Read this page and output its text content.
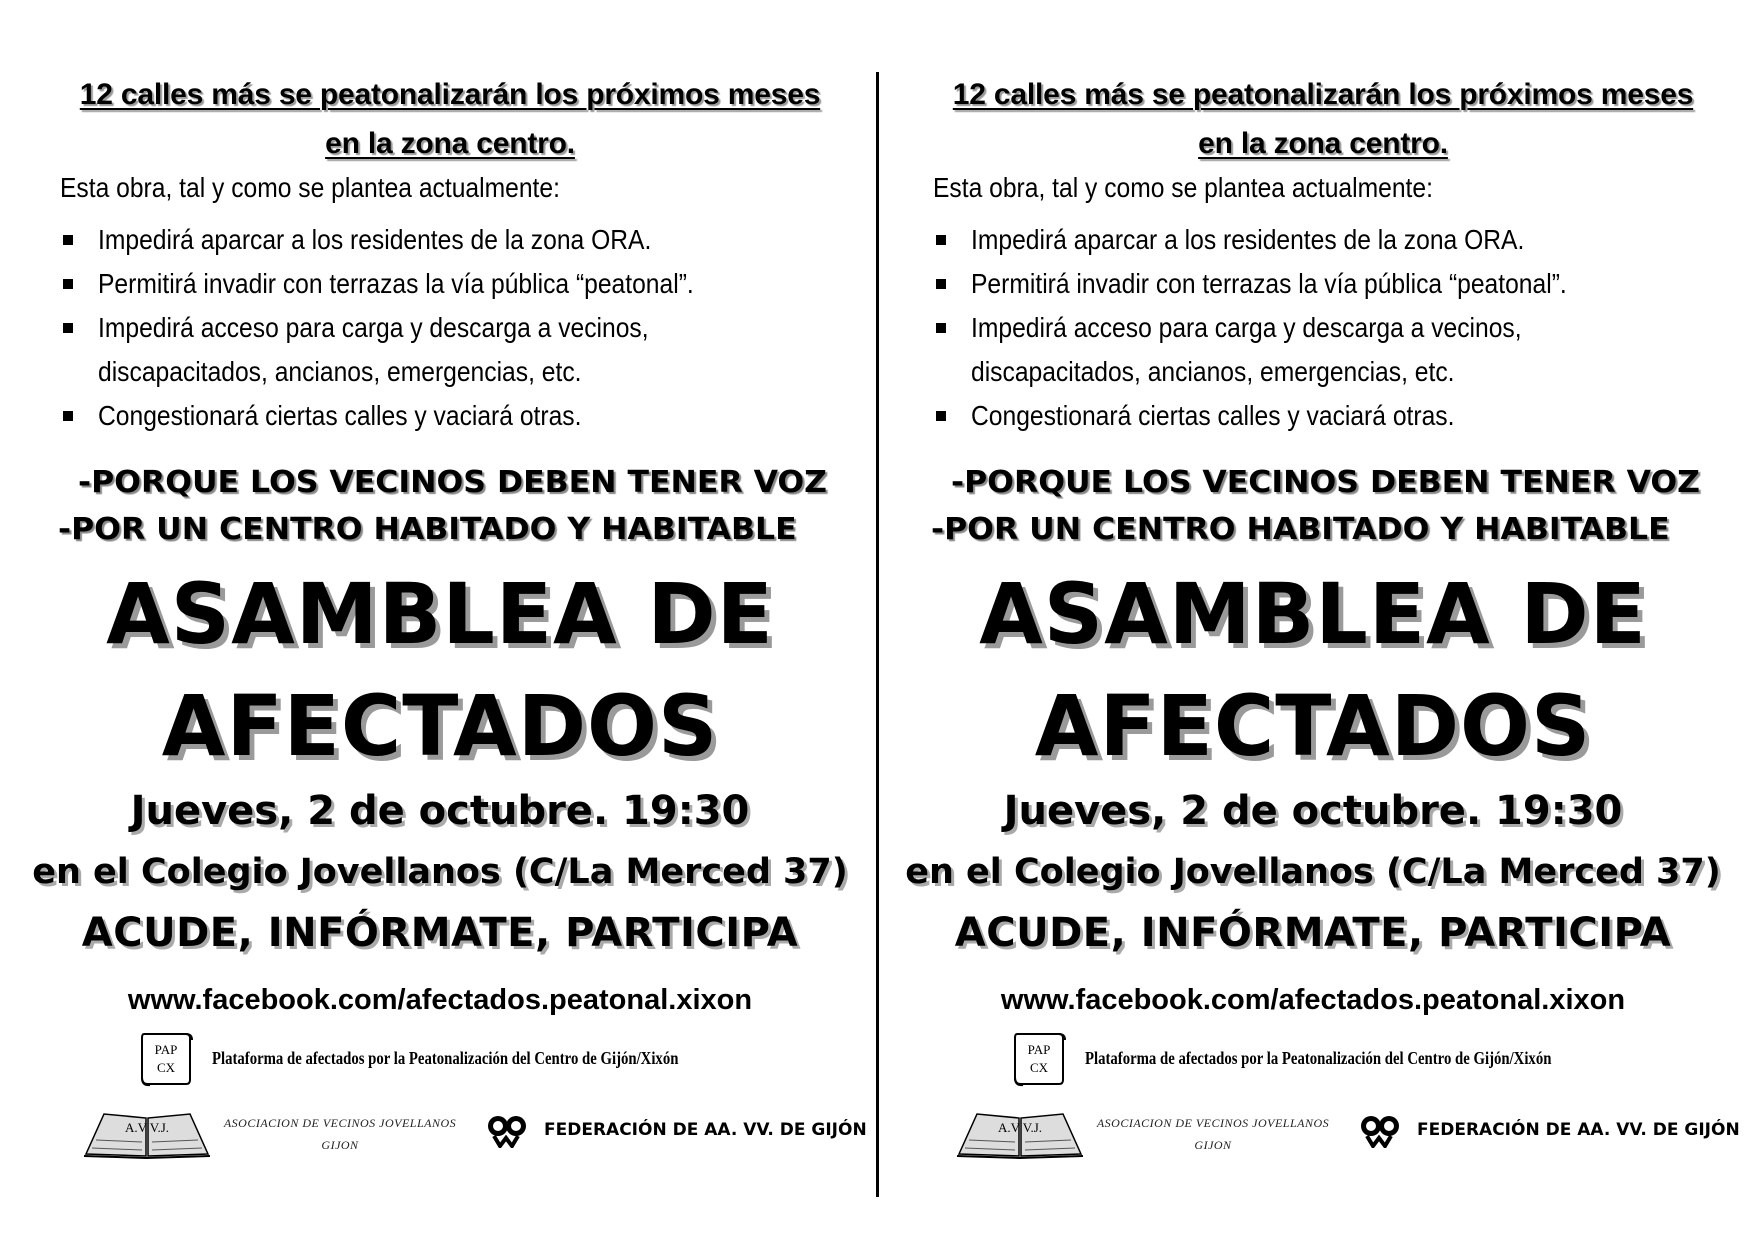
12 calles más se peatonalizarán los próximos meses
en la zona centro.
Esta obra, tal y como se plantea actualmente:
Impedirá aparcar a los residentes de la zona ORA.
Permitirá invadir con terrazas la vía pública “peatonal”.
Impedirá acceso para carga y descarga a vecinos,
discapacitados, ancianos, emergencias, etc.
Congestionará ciertas calles y vaciará otras.
-PORQUE LOS VECINOS DEBEN TENER VOZ
-POR UN CENTRO HABITADO Y HABITABLE
ASAMBLEA DE
AFECTADOS
Jueves, 2 de octubre. 19:30
en el Colegio Jovellanos (C/La Merced 37)
ACUDE, INFÓRMATE, PARTICIPA
www.facebook.com/afectados.peatonal.xixon
PAP
CX Plataforma de afectados por la Peatonalización del Centro de Gijón/Xixón
A.V V.J.	ASOCIACION DE VECINOS JOVELLANOS
GIJON
FEDERACIÓN DE AA. VV. DE GIJÓN
12 calles más se peatonalizarán los próximos meses
en la zona centro.
Esta obra, tal y como se plantea actualmente:
Impedirá aparcar a los residentes de la zona ORA.
Permitirá invadir con terrazas la vía pública “peatonal”.
Impedirá acceso para carga y descarga a vecinos,
discapacitados, ancianos, emergencias, etc.
Congestionará ciertas calles y vaciará otras.
-PORQUE LOS VECINOS DEBEN TENER VOZ
-POR UN CENTRO HABITADO Y HABITABLE
ASAMBLEA DE
AFECTADOS
Jueves, 2 de octubre. 19:30
en el Colegio Jovellanos (C/La Merced 37)
ACUDE, INFÓRMATE, PARTICIPA
www.facebook.com/afectados.peatonal.xixon
PAP
CX Plataforma de afectados por la Peatonalización del Centro de Gijón/Xixón
A.V V.J.	ASOCIACION DE VECINOS JOVELLANOS
GIJON
FEDERACIÓN DE AA. VV. DE GIJÓN
